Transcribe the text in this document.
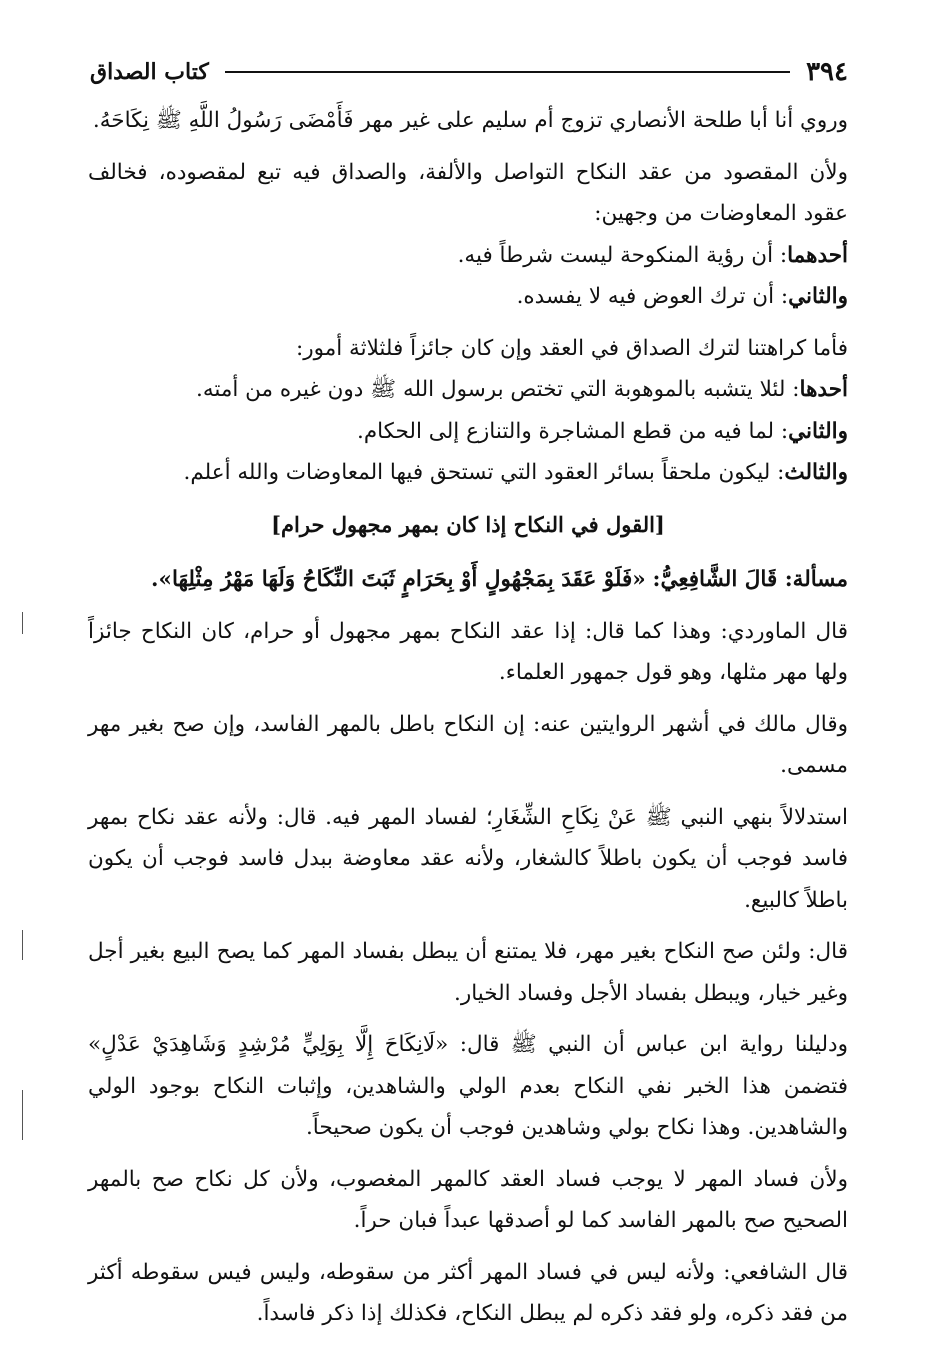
٣٩٤
كتاب الصداق

وروي أنا أبا طلحة الأنصاري تزوج أم سليم على غير مهر فَأَمْضَى رَسُولُ اللَّهِ ﷺ نِكَاحَهُ.

ولأن المقصود من عقد النكاح التواصل والألفة، والصداق فيه تبع لمقصوده، فخالف عقود المعاوضات من وجهين:

أحدهما: أن رؤية المنكوحة ليست شرطاً فيه.

والثاني: أن ترك العوض فيه لا يفسده.

فأما كراهتنا لترك الصداق في العقد وإن كان جائزاً فلثلاثة أمور:

أحدها: لئلا يتشبه بالموهوبة التي تختص برسول الله ﷺ دون غيره من أمته.

والثاني: لما فيه من قطع المشاجرة والتنازع إلى الحكام.

والثالث: ليكون ملحقاً بسائر العقود التي تستحق فيها المعاوضات والله أعلم.

[القول في النكاح إذا كان بمهر مجهول حرام]

مسألة: قَالَ الشَّافِعِيُّ: «فَلَوْ عَقَدَ بِمَجْهُولٍ أَوْ بِحَرَامٍ ثَبَتَ النِّكَاحُ وَلَهَا مَهْرُ مِثْلِهَا».

قال الماوردي: وهذا كما قال: إذا عقد النكاح بمهر مجهول أو حرام، كان النكاح جائزاً ولها مهر مثلها، وهو قول جمهور العلماء.

وقال مالك في أشهر الروايتين عنه: إن النكاح باطل بالمهر الفاسد، وإن صح بغير مهر مسمى.

استدلالاً بنهي النبي ﷺ عَنْ نِكَاحِ الشِّغَارِ؛ لفساد المهر فيه. قال: ولأنه عقد نكاح بمهر فاسد فوجب أن يكون باطلاً كالشغار، ولأنه عقد معاوضة ببدل فاسد فوجب أن يكون باطلاً كالبيع.

قال: ولئن صح النكاح بغير مهر، فلا يمتنع أن يبطل بفساد المهر كما يصح البيع بغير أجل وغير خيار، ويبطل بفساد الأجل وفساد الخيار.

ودليلنا رواية ابن عباس أن النبي ﷺ قال: «لَانِكَاحَ إِلَّا بِوَلِيٍّ مُرْشِدٍ وَشَاهِدَيْ عَدْلٍ» فتضمن هذا الخبر نفي النكاح بعدم الولي والشاهدين، وإثبات النكاح بوجود الولي والشاهدين. وهذا نكاح بولي وشاهدين فوجب أن يكون صحيحاً.

ولأن فساد المهر لا يوجب فساد العقد كالمهر المغصوب، ولأن كل نكاح صح بالمهر الصحيح صح بالمهر الفاسد كما لو أصدقها عبداً فبان حراً.

قال الشافعي: ولأنه ليس في فساد المهر أكثر من سقوطه، وليس فيس سقوطه أكثر من فقد ذكره، ولو فقد ذكره لم يبطل النكاح، فكذلك إذا ذكر فاسداً.
